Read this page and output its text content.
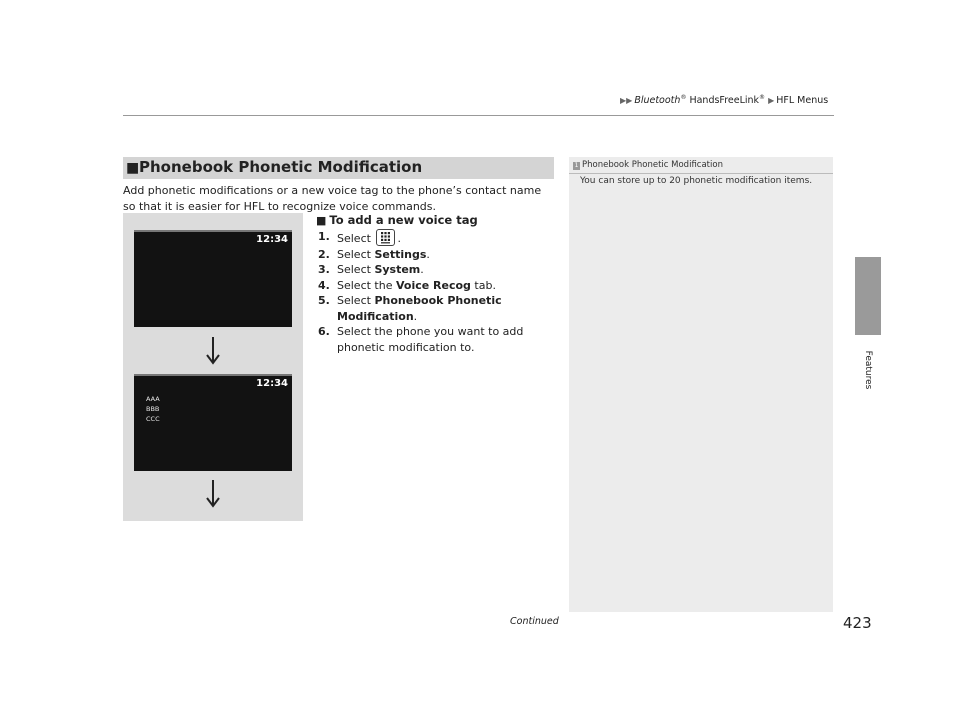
▶▶ Bluetooth® HandsFreeLink® ▶ HFL Menus
Features
■ Phonebook Phonetic Modification
Add phonetic modifications or a new voice tag to the phone’s contact name so that it is easier for HFL to recognize voice commands.
12:34
12:34
AAA
BBB
CCC
■ To add a new voice tag
1. Select .
2. Select Settings.
3. Select System.
4. Select the Voice Recog tab.
5. Select Phonebook Phonetic Modification.
6. Select the phone you want to add phonetic modification to.
1 Phonebook Phonetic Modification
You can store up to 20 phonetic modification items.
Continued	423
